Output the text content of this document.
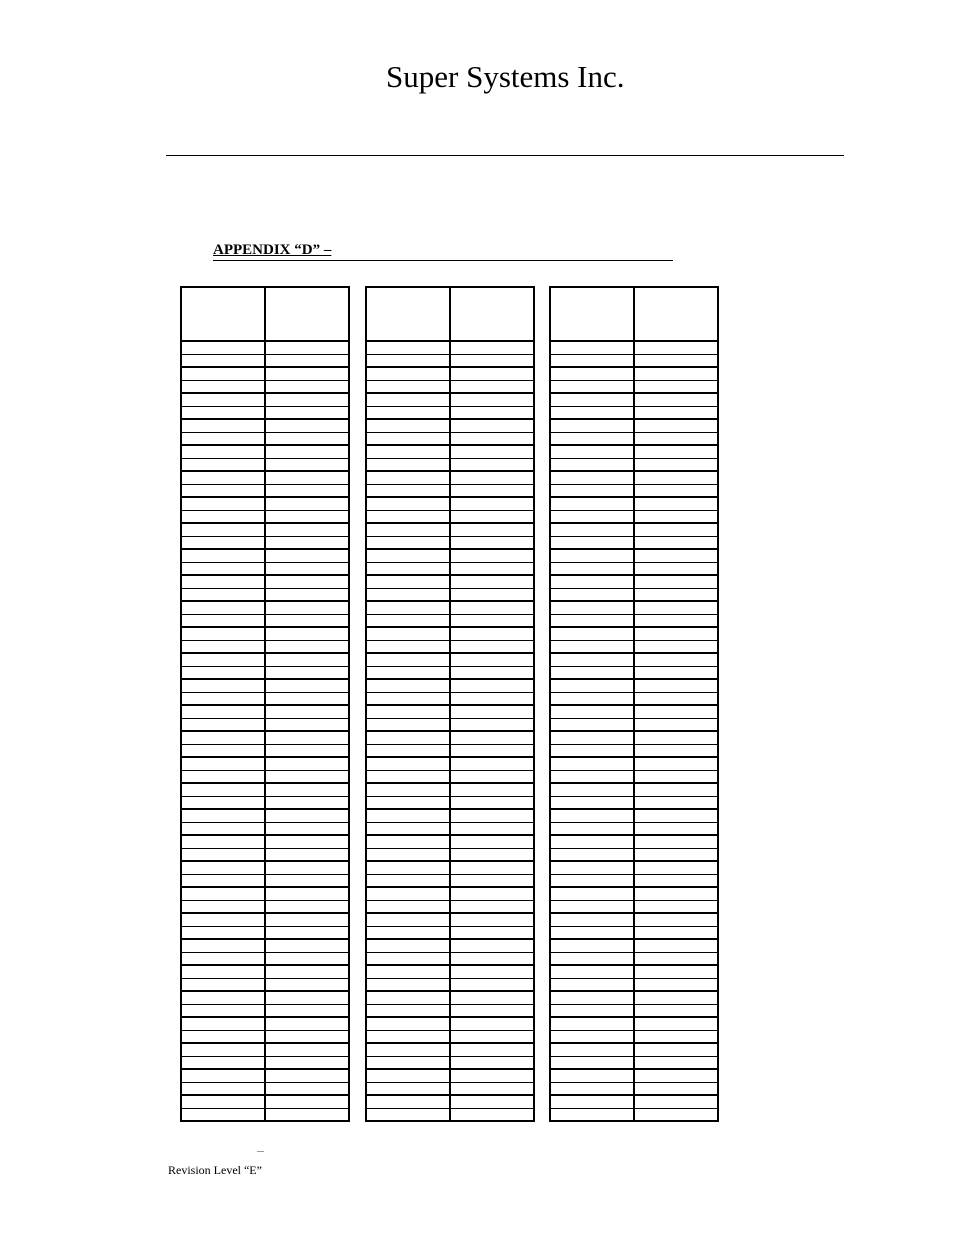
Super Systems Inc.
APPENDIX “D” –

Revision Level “E”
